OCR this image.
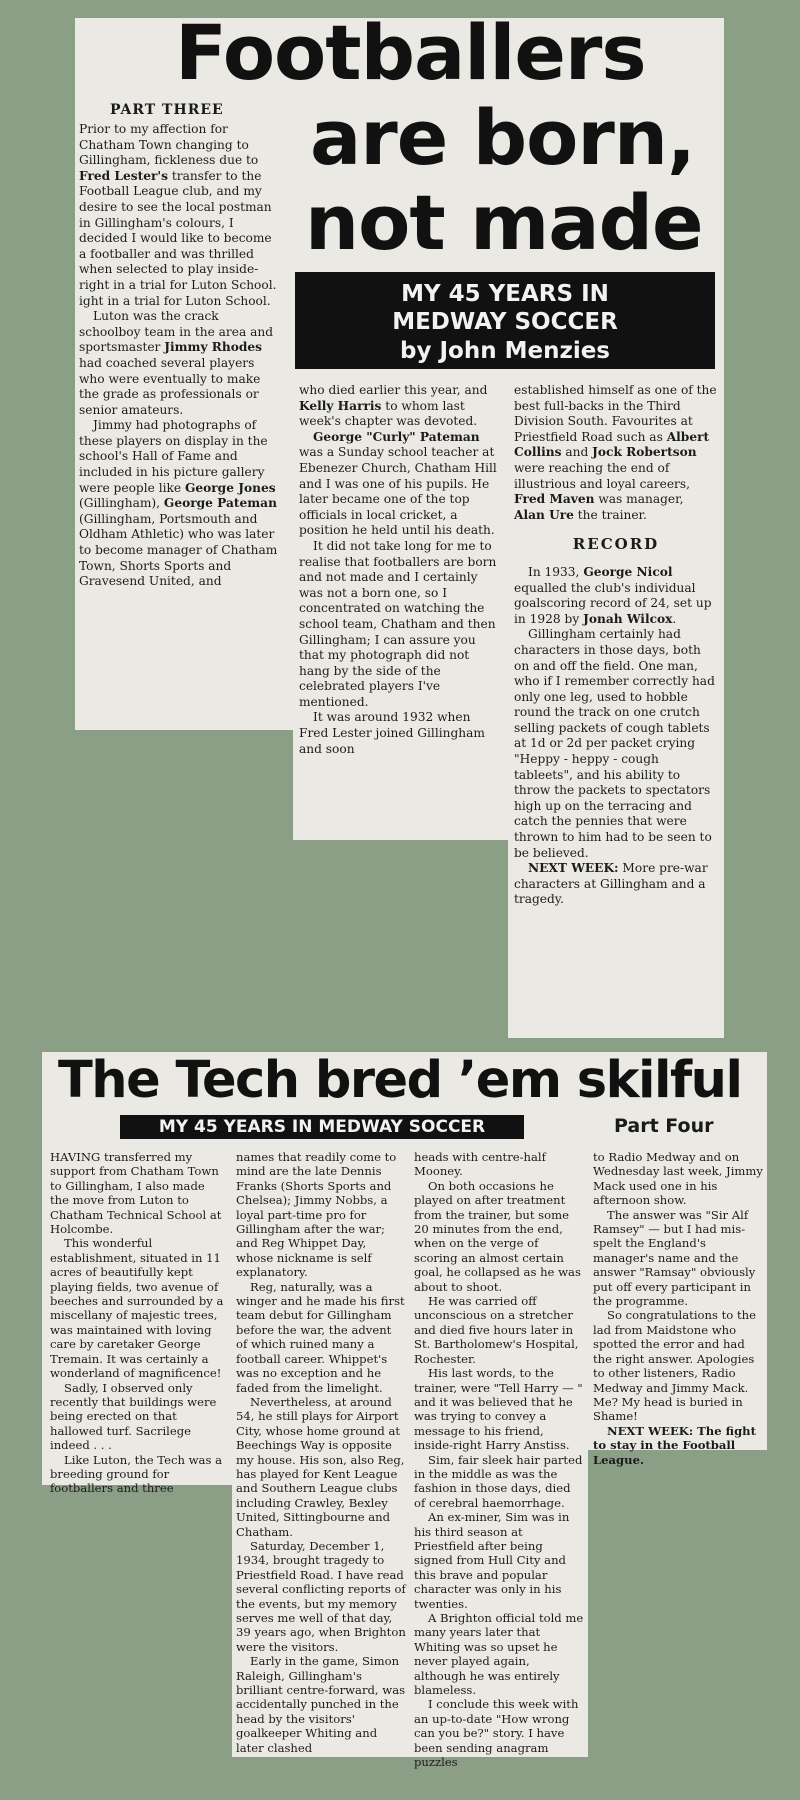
Footballers
are born,
not made
MY 45 YEARS IN
MEDWAY SOCCER
by John Menzies
PART THREE
Prior to my affection for Chatham Town changing to Gillingham, fickleness due to Fred Lester's transfer to the Football League club, and my desire to see the local postman in Gillingham's colours, I decided I would like to become a footballer and was thrilled when selected to play inside-right in a trial for Luton School.
ight in a trial for Luton School.
Luton was the crack schoolboy team in the area and sportsmaster Jimmy Rhodes had coached several players who were eventually to make the grade as professionals or senior amateurs.
Jimmy had photographs of these players on display in the school's Hall of Fame and included in his picture gallery were people like George Jones (Gillingham), George Pateman (Gillingham, Portsmouth and Oldham Athletic) who was later to become manager of Chatham Town, Shorts Sports and Gravesend United, and
who died earlier this year, and Kelly Harris to whom last week's chapter was devoted.
George "Curly" Pateman was a Sunday school teacher at Ebenezer Church, Chatham Hill and I was one of his pupils. He later became one of the top officials in local cricket, a position he held until his death.
It did not take long for me to realise that footballers are born and not made and I certainly was not a born one, so I concentrated on watching the school team, Chatham and then Gillingham; I can assure you that my photograph did not hang by the side of the celebrated players I've mentioned.
It was around 1932 when Fred Lester joined Gillingham and soon
established himself as one of the best full-backs in the Third Division South. Favourites at Priestfield Road such as Albert Collins and Jock Robertson were reaching the end of illustrious and loyal careers, Fred Maven was manager, Alan Ure the trainer.
RECORD
In 1933, George Nicol equalled the club's individual goalscoring record of 24, set up in 1928 by Jonah Wilcox.
Gillingham certainly had characters in those days, both on and off the field. One man, who if I remember correctly had only one leg, used to hobble round the track on one crutch selling packets of cough tablets at 1d or 2d per packet crying "Heppy - heppy - cough tableets", and his ability to throw the packets to spectators high up on the terracing and catch the pennies that were thrown to him had to be seen to be believed.
NEXT WEEK: More pre-war characters at Gillingham and a tragedy.
The Tech bred ’em skilful
MY 45 YEARS IN MEDWAY SOCCER	Part Four
HAVING transferred my support from Chatham Town to Gillingham, I also made the move from Luton to Chatham Technical School at Holcombe.
This wonderful establishment, situated in 11 acres of beautifully kept playing fields, two avenue of beeches and surrounded by a miscellany of majestic trees, was maintained with loving care by caretaker George Tremain. It was certainly a wonderland of magnificence!
Sadly, I observed only recently that buildings were being erected on that hallowed turf. Sacrilege indeed . . .
Like Luton, the Tech was a breeding ground for footballers and three
names that readily come to mind are the late Dennis Franks (Shorts Sports and Chelsea); Jimmy Nobbs, a loyal part-time pro for Gillingham after the war; and Reg Whippet Day, whose nickname is self explanatory.
Reg, naturally, was a winger and he made his first team debut for Gillingham before the war, the advent of which ruined many a football career. Whippet's was no exception and he faded from the limelight.
Nevertheless, at around 54, he still plays for Airport City, whose home ground at Beechings Way is opposite my house. His son, also Reg, has played for Kent League and Southern League clubs including Crawley, Bexley United, Sittingbourne and Chatham.
Saturday, December 1, 1934, brought tragedy to Priestfield Road. I have read several conflicting reports of the events, but my memory serves me well of that day, 39 years ago, when Brighton were the visitors.
Early in the game, Simon Raleigh, Gillingham's brilliant centre-forward, was accidentally punched in the head by the visitors' goalkeeper Whiting and later clashed
heads with centre-half Mooney.
On both occasions he played on after treatment from the trainer, but some 20 minutes from the end, when on the verge of scoring an almost certain goal, he collapsed as he was about to shoot.
He was carried off unconscious on a stretcher and died five hours later in St. Bartholomew's Hospital, Rochester.
His last words, to the trainer, were "Tell Harry — " and it was believed that he was trying to convey a message to his friend, inside-right Harry Anstiss.
Sim, fair sleek hair parted in the middle as was the fashion in those days, died of cerebral haemorrhage.
An ex-miner, Sim was in his third season at Priestfield after being signed from Hull City and this brave and popular character was only in his twenties.
A Brighton official told me many years later that Whiting was so upset he never played again, although he was entirely blameless.
I conclude this week with an up-to-date "How wrong can you be?" story. I have been sending anagram puzzles
to Radio Medway and on Wednesday last week, Jimmy Mack used one in his afternoon show.
The answer was "Sir Alf Ramsey" — but I had mis-spelt the England's manager's name and the answer "Ramsay" obviously put off every participant in the programme.
So congratulations to the lad from Maidstone who spotted the error and had the right answer. Apologies to other listeners, Radio Medway and Jimmy Mack. Me? My head is buried in Shame!
NEXT WEEK: The fight to stay in the Football League.
